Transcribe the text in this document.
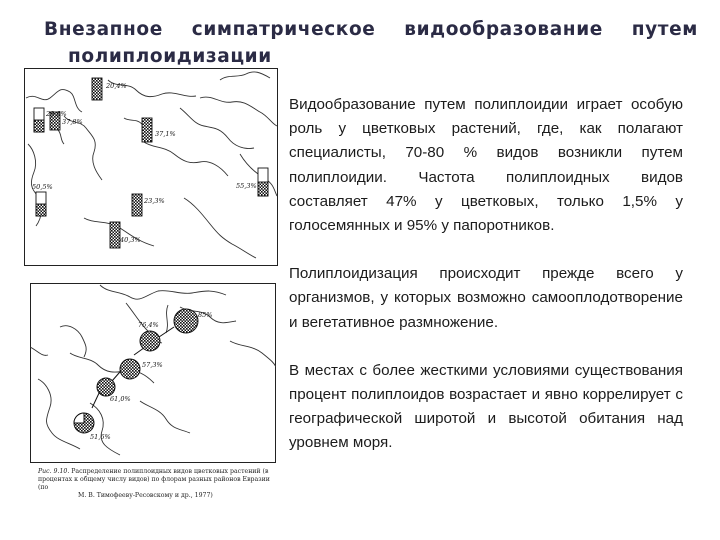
Внезапное симпатрическое видообразование путем
полиплоидизации
20,4%
29,6%
37,8%
37,1%
50,5%
23,3%
40,3%
55,3%
76,4%
85%
57,3%
61,0%
51,6%
Рис. 9.10. Распределение полиплоидных видов цветковых растений (в процентах к общему числу видов) по флорам разных районов Евразии (по
М. В. Тимофееву-Ресовскому и др., 1977)

Видообразование путем полиплоидии играет особую роль у цветковых растений, где, как полагают специалисты, 70-80 % видов возникли путем полиплоидии. Частота полиплоидных видов составляет 47% у цветковых, только 1,5% у голосемянных и 95% у папоротников.

Полиплоидизация происходит прежде всего у организмов, у которых возможно самооплодотворение и вегетативное размножение.

В местах с более жесткими условиями существования процент полиплоидов возрастает и явно коррелирует с географической широтой и высотой обитания над уровнем моря.
